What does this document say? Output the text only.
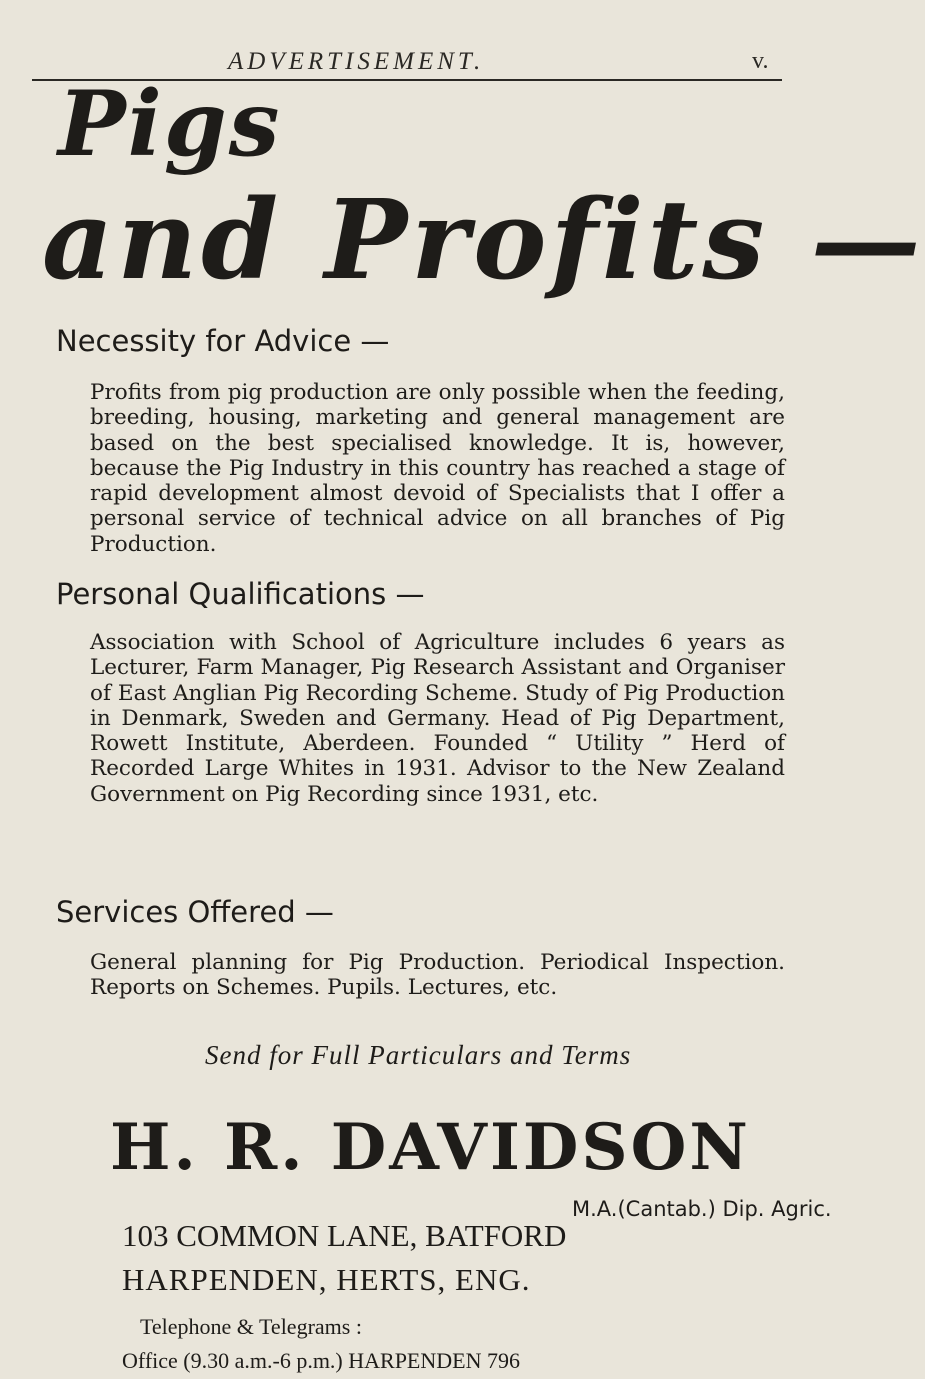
ADVERTISEMENT.	v.
Pigs
and Profits —
Necessity for Advice —
Profits from pig production are only possible when the feeding, breeding, housing, marketing and general management are based on the best specialised knowledge. It is, however, because the Pig Industry in this country has reached a stage of rapid development almost devoid of Specialists that I offer a personal service of technical advice on all branches of Pig Production.
Personal Qualifications —
Association with School of Agriculture includes 6 years as Lecturer, Farm Manager, Pig Research Assistant and Organiser of East Anglian Pig Recording Scheme. Study of Pig Production in Denmark, Sweden and Germany. Head of Pig Department, Rowett Institute, Aberdeen. Founded “ Utility ” Herd of Recorded Large Whites in 1931. Advisor to the New Zealand Government on Pig Recording since 1931, etc.
Services Offered —
General planning for Pig Production. Periodical Inspection. Reports on Schemes. Pupils. Lectures, etc.
Send for Full Particulars and Terms
H. R. DAVIDSON
M.A.(Cantab.) Dip. Agric.
103 COMMON LANE, BATFORD
HARPENDEN, HERTS, ENG.
Telephone & Telegrams :
Office (9.30 a.m.-6 p.m.) HARPENDEN 796
